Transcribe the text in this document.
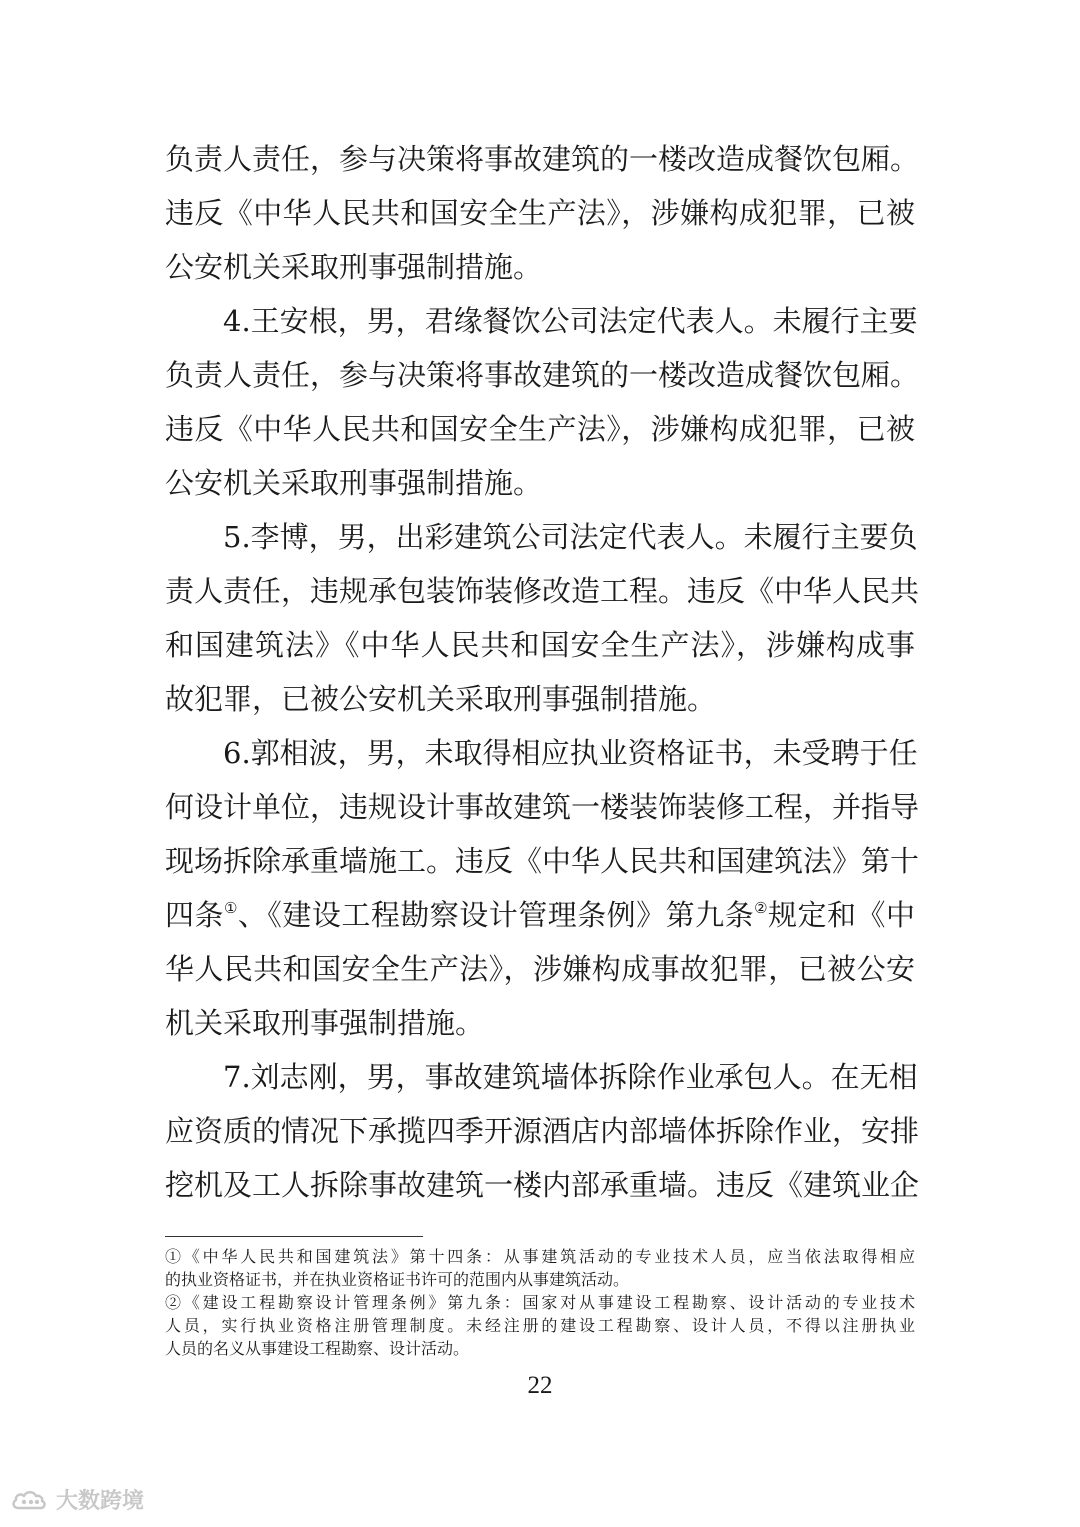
负责人责任，参与决策将事故建筑的一楼改造成餐饮包厢。
违反《中华人民共和国安全生产法》，涉嫌构成犯罪，已被
公安机关采取刑事强制措施。
4.王安根，男，君缘餐饮公司法定代表人。未履行主要
负责人责任，参与决策将事故建筑的一楼改造成餐饮包厢。
违反《中华人民共和国安全生产法》，涉嫌构成犯罪，已被
公安机关采取刑事强制措施。
5.李博，男，出彩建筑公司法定代表人。未履行主要负
责人责任，违规承包装饰装修改造工程。违反《中华人民共
和国建筑法》《中华人民共和国安全生产法》，涉嫌构成事
故犯罪，已被公安机关采取刑事强制措施。
6.郭相波，男，未取得相应执业资格证书，未受聘于任
何设计单位，违规设计事故建筑一楼装饰装修工程，并指导
现场拆除承重墙施工。违反《中华人民共和国建筑法》第十
四条①、《建设工程勘察设计管理条例》第九条②规定和《中
华人民共和国安全生产法》，涉嫌构成事故犯罪，已被公安
机关采取刑事强制措施。
7.刘志刚，男，事故建筑墙体拆除作业承包人。在无相
应资质的情况下承揽四季开源酒店内部墙体拆除作业，安排
挖机及工人拆除事故建筑一楼内部承重墙。违反《建筑业企
①《中华人民共和国建筑法》第十四条：从事建筑活动的专业技术人员，应当依法取得相应
的执业资格证书，并在执业资格证书许可的范围内从事建筑活动。
②《建设工程勘察设计管理条例》第九条：国家对从事建设工程勘察、设计活动的专业技术
人员，实行执业资格注册管理制度。未经注册的建设工程勘察、设计人员，不得以注册执业
人员的名义从事建设工程勘察、设计活动。
22
大数跨境
